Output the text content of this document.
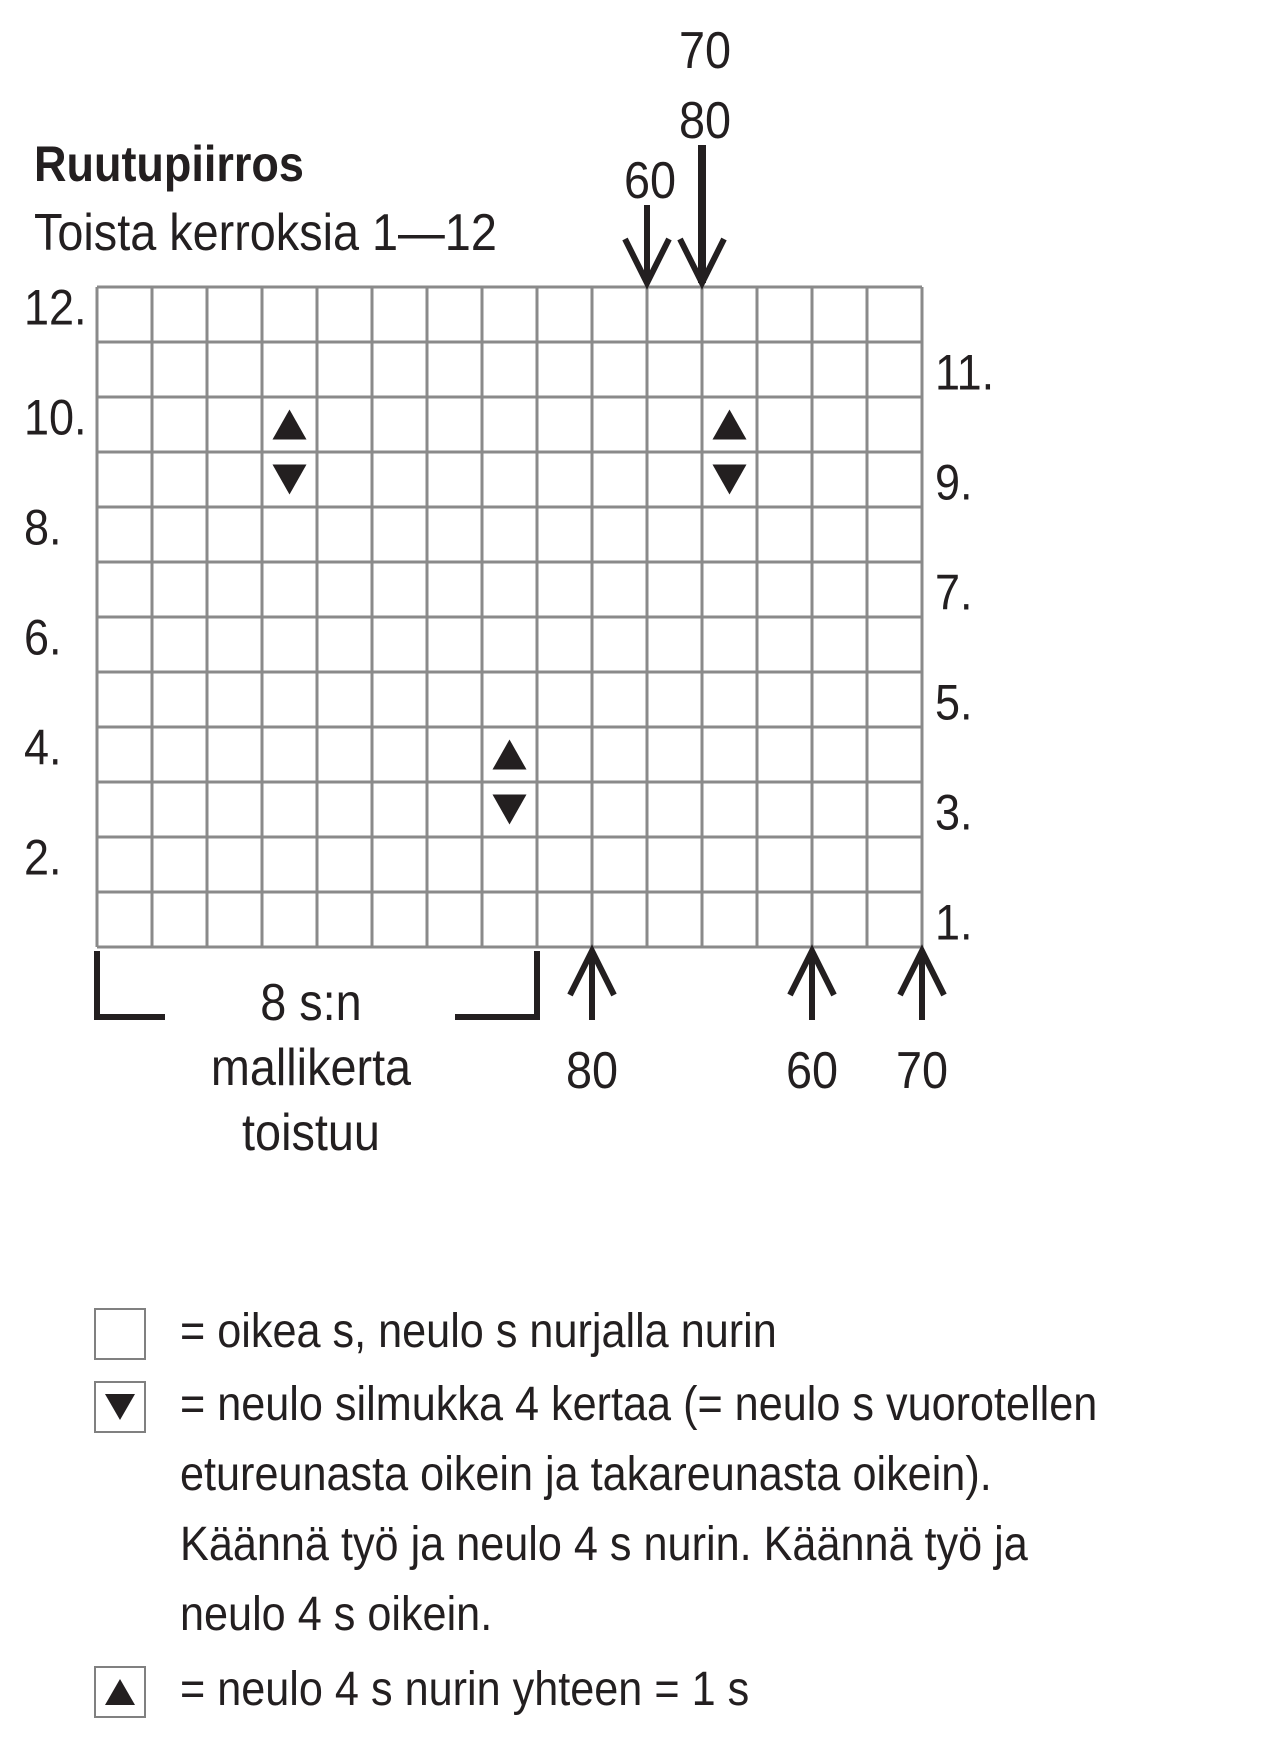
Ruutupiirros
Toista kerroksia 1—12
12.
10.
8.
6.
4.
2.
11.
9.
7.
5.
3.
1.
60
70
80
80	60 70
8 s:n
mallikerta
toistuu
= oikea s, neulo s nurjalla nurin
= neulo silmukka 4 kertaa (= neulo s vuorotellen
etureunasta oikein ja takareunasta oikein).
Käännä työ ja neulo 4 s nurin. Käännä työ ja
neulo 4 s oikein.
= neulo 4 s nurin yhteen = 1 s
